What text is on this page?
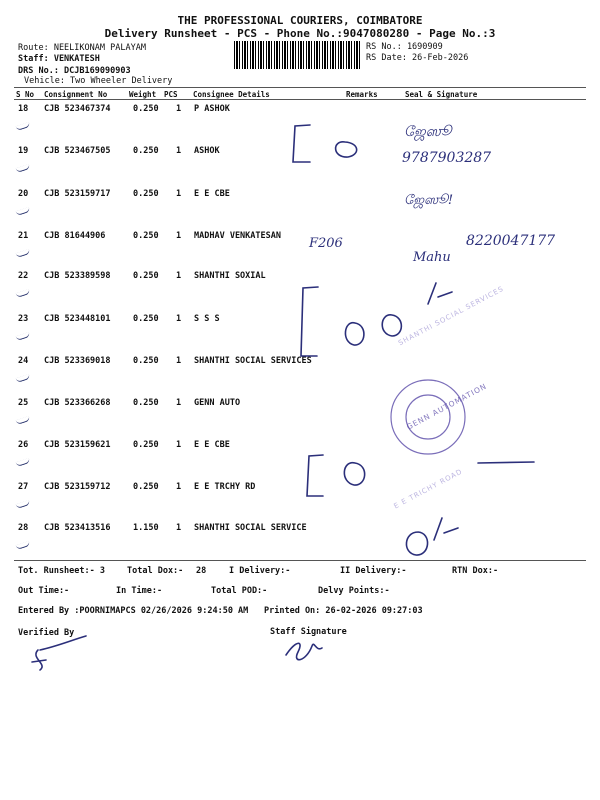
THE PROFESSIONAL COURIERS, COIMBATORE
Delivery Runsheet - PCS - Phone No.:9047080280 - Page No.:3
Route: NEELIKONAM PALAYAM
Staff: VENKATESH
DRS No.: DCJB169090903
Vehicle: Two Wheeler Delivery
RS No.: 1690909
RS Date: 26-Feb-2026
S No Consignment No	Weight PCS Consignee Details	Remarks	Seal & Signature
18 CJB 523467374	0.250 1 P ASHOK
19 CJB 523467505	0.250 1 ASHOK
20 CJB 523159717	0.250 1 E E CBE
21 CJB 81644906	0.250 1 MADHAV VENKATESAN
22 CJB 523389598	0.250 1 SHANTHI SOXIAL
23 CJB 523448101	0.250 1 S S S
24 CJB 523369018	0.250 1 SHANTHI SOCIAL SERVICES
25 CJB 523366268	0.250 1 GENN AUTO
26 CJB 523159621	0.250 1 E E CBE
27 CJB 523159712	0.250 1 E E TRCHY RD
28 CJB 523413516	1.150 1 SHANTHI SOCIAL SERVICE
ஜேஸூ
9787903287
ஜேஸூ!
F206
Mahu
8220047177
SHANTHI SOCIAL SERVICES
E E TRICHY ROAD
GENN AUTOMATION
Tot. Runsheet:- 3	Total Dox:- 28	I Delivery:-	II Delivery:-	RTN Dox:-
Out Time:-	In Time:-	Total POD:-	Delvy Points:-
Entered By :POORNIMAPCS 02/26/2026 9:24:50 AM Printed On: 26-02-2026 09:27:03
Verified By	Staff Signature
